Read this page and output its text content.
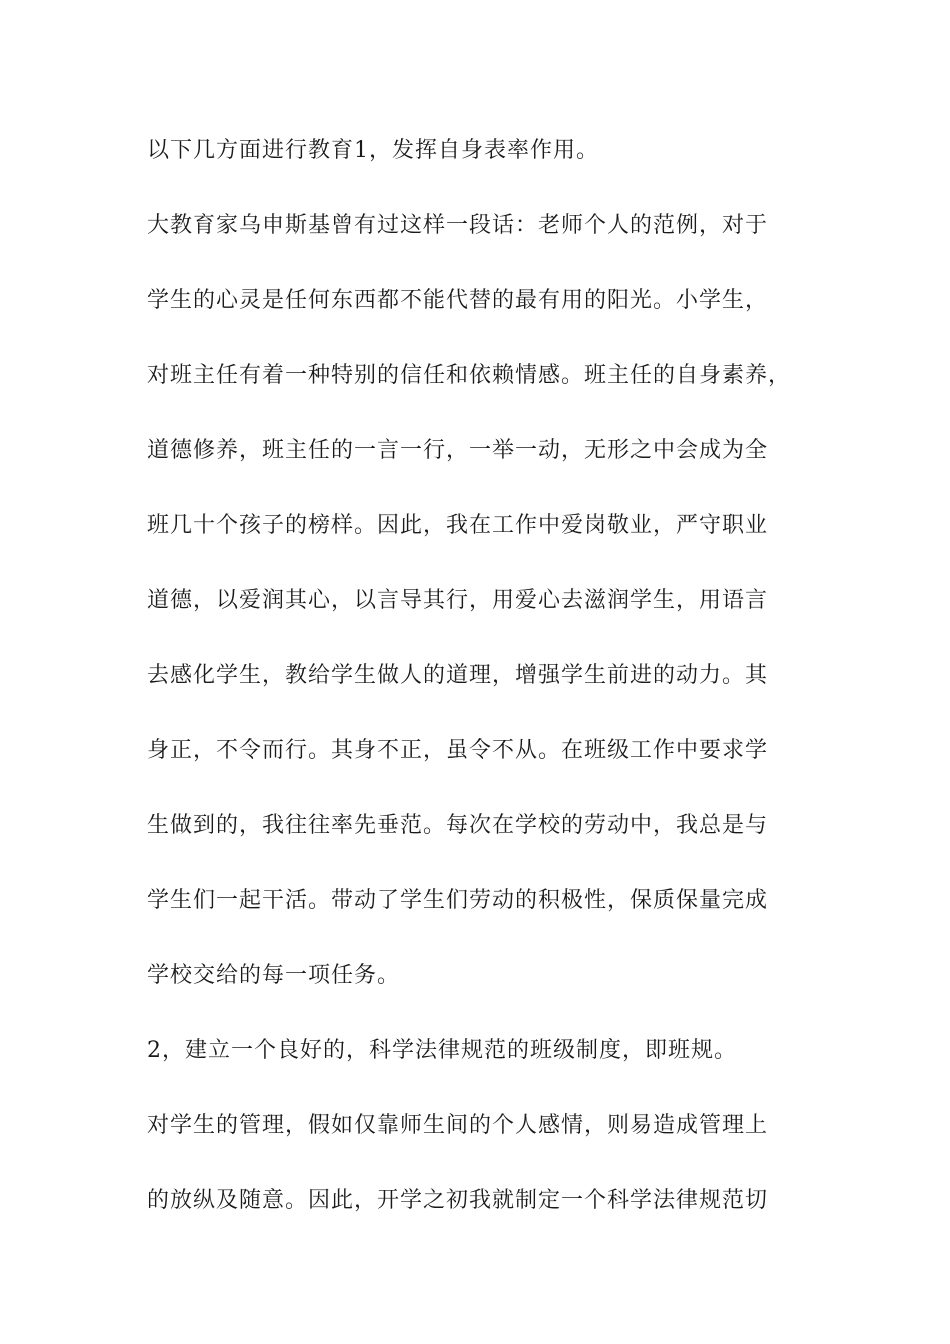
以下几方面进行教育1，发挥自身表率作用。
大教育家乌申斯基曾有过这样一段话：老师个人的范例，对于
学生的心灵是任何东西都不能代替的最有用的阳光。小学生，
对班主任有着一种特别的信任和依赖情感。班主任的自身素养，
道德修养，班主任的一言一行，一举一动，无形之中会成为全
班几十个孩子的榜样。因此，我在工作中爱岗敬业，严守职业
道德，以爱润其心，以言导其行，用爱心去滋润学生，用语言
去感化学生，教给学生做人的道理，增强学生前进的动力。其
身正，不令而行。其身不正，虽令不从。在班级工作中要求学
生做到的，我往往率先垂范。每次在学校的劳动中，我总是与
学生们一起干活。带动了学生们劳动的积极性，保质保量完成
学校交给的每一项任务。
2，建立一个良好的，科学法律规范的班级制度，即班规。
对学生的管理，假如仅靠师生间的个人感情，则易造成管理上
的放纵及随意。因此，开学之初我就制定一个科学法律规范切
